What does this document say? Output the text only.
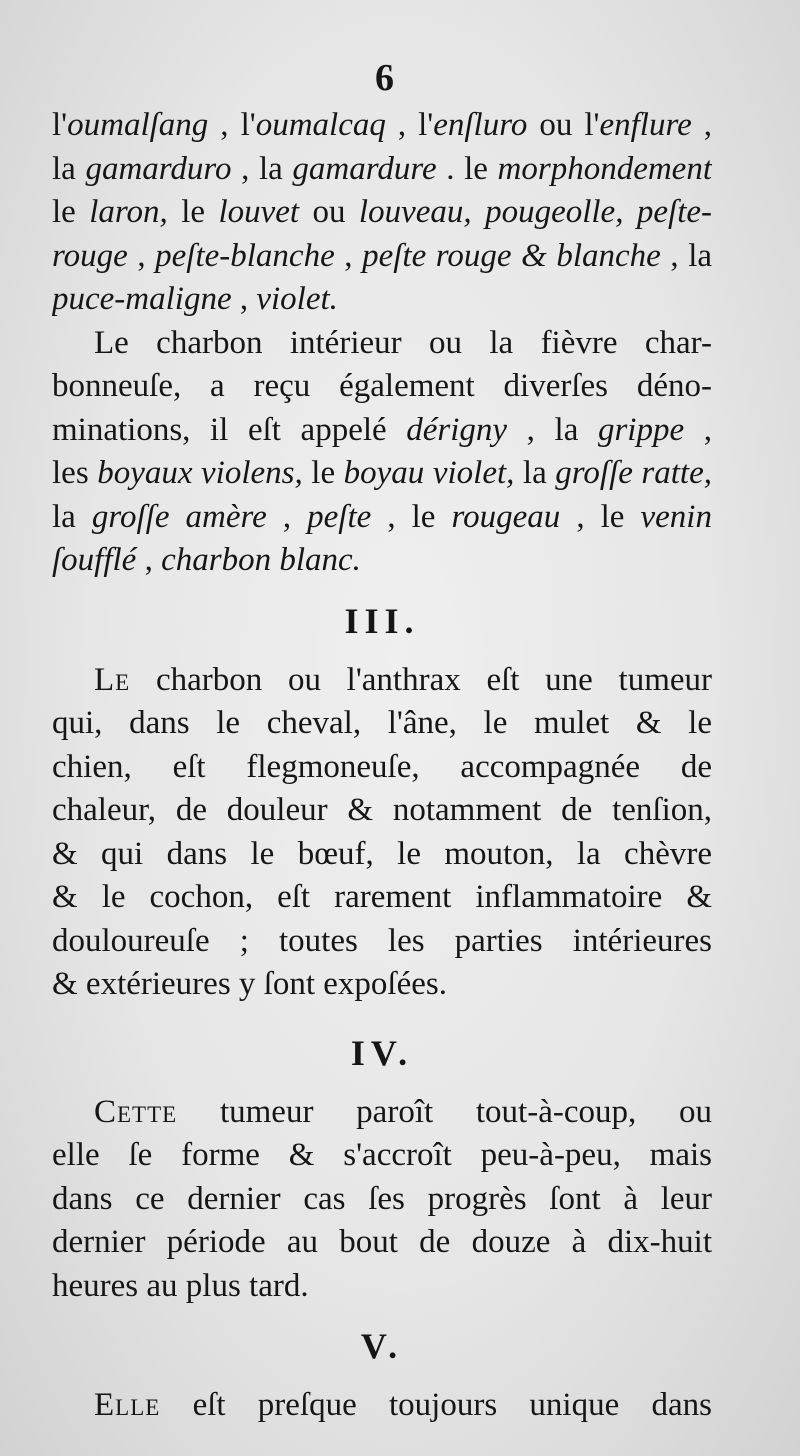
6
l'oumalſang , l'oumalcaq , l'enſluro ou l'enflure ,
la gamarduro , la gamardure . le morphondement
le laron, le louvet ou louveau, pougeolle, peſte-
rouge , peſte-blanche , peſte rouge & blanche , la
puce-maligne , violet.
Le charbon intérieur ou la fièvre char-
bonneuſe, a reçu également diverſes déno-
minations, il eſt appelé dérigny , la grippe ,
les boyaux violens, le boyau violet, la groſſe ratte,
la groſſe amère , peſte , le rougeau , le venin
ſoufflé , charbon blanc.
III.
Le charbon ou l'anthrax eſt une tumeur
qui, dans le cheval, l'âne, le mulet & le
chien, eſt flegmoneuſe, accompagnée de
chaleur, de douleur & notamment de tenſion,
& qui dans le bœuf, le mouton, la chèvre
& le cochon, eſt rarement inflammatoire &
douloureuſe ; toutes les parties intérieures
& extérieures y ſont expoſées.
IV.
Cette tumeur paroît tout-à-coup, ou
elle ſe forme & s'accroît peu-à-peu, mais
dans ce dernier cas ſes progrès ſont à leur
dernier période au bout de douze à dix-huit
heures au plus tard.
V.
Elle eſt preſque toujours unique dans
